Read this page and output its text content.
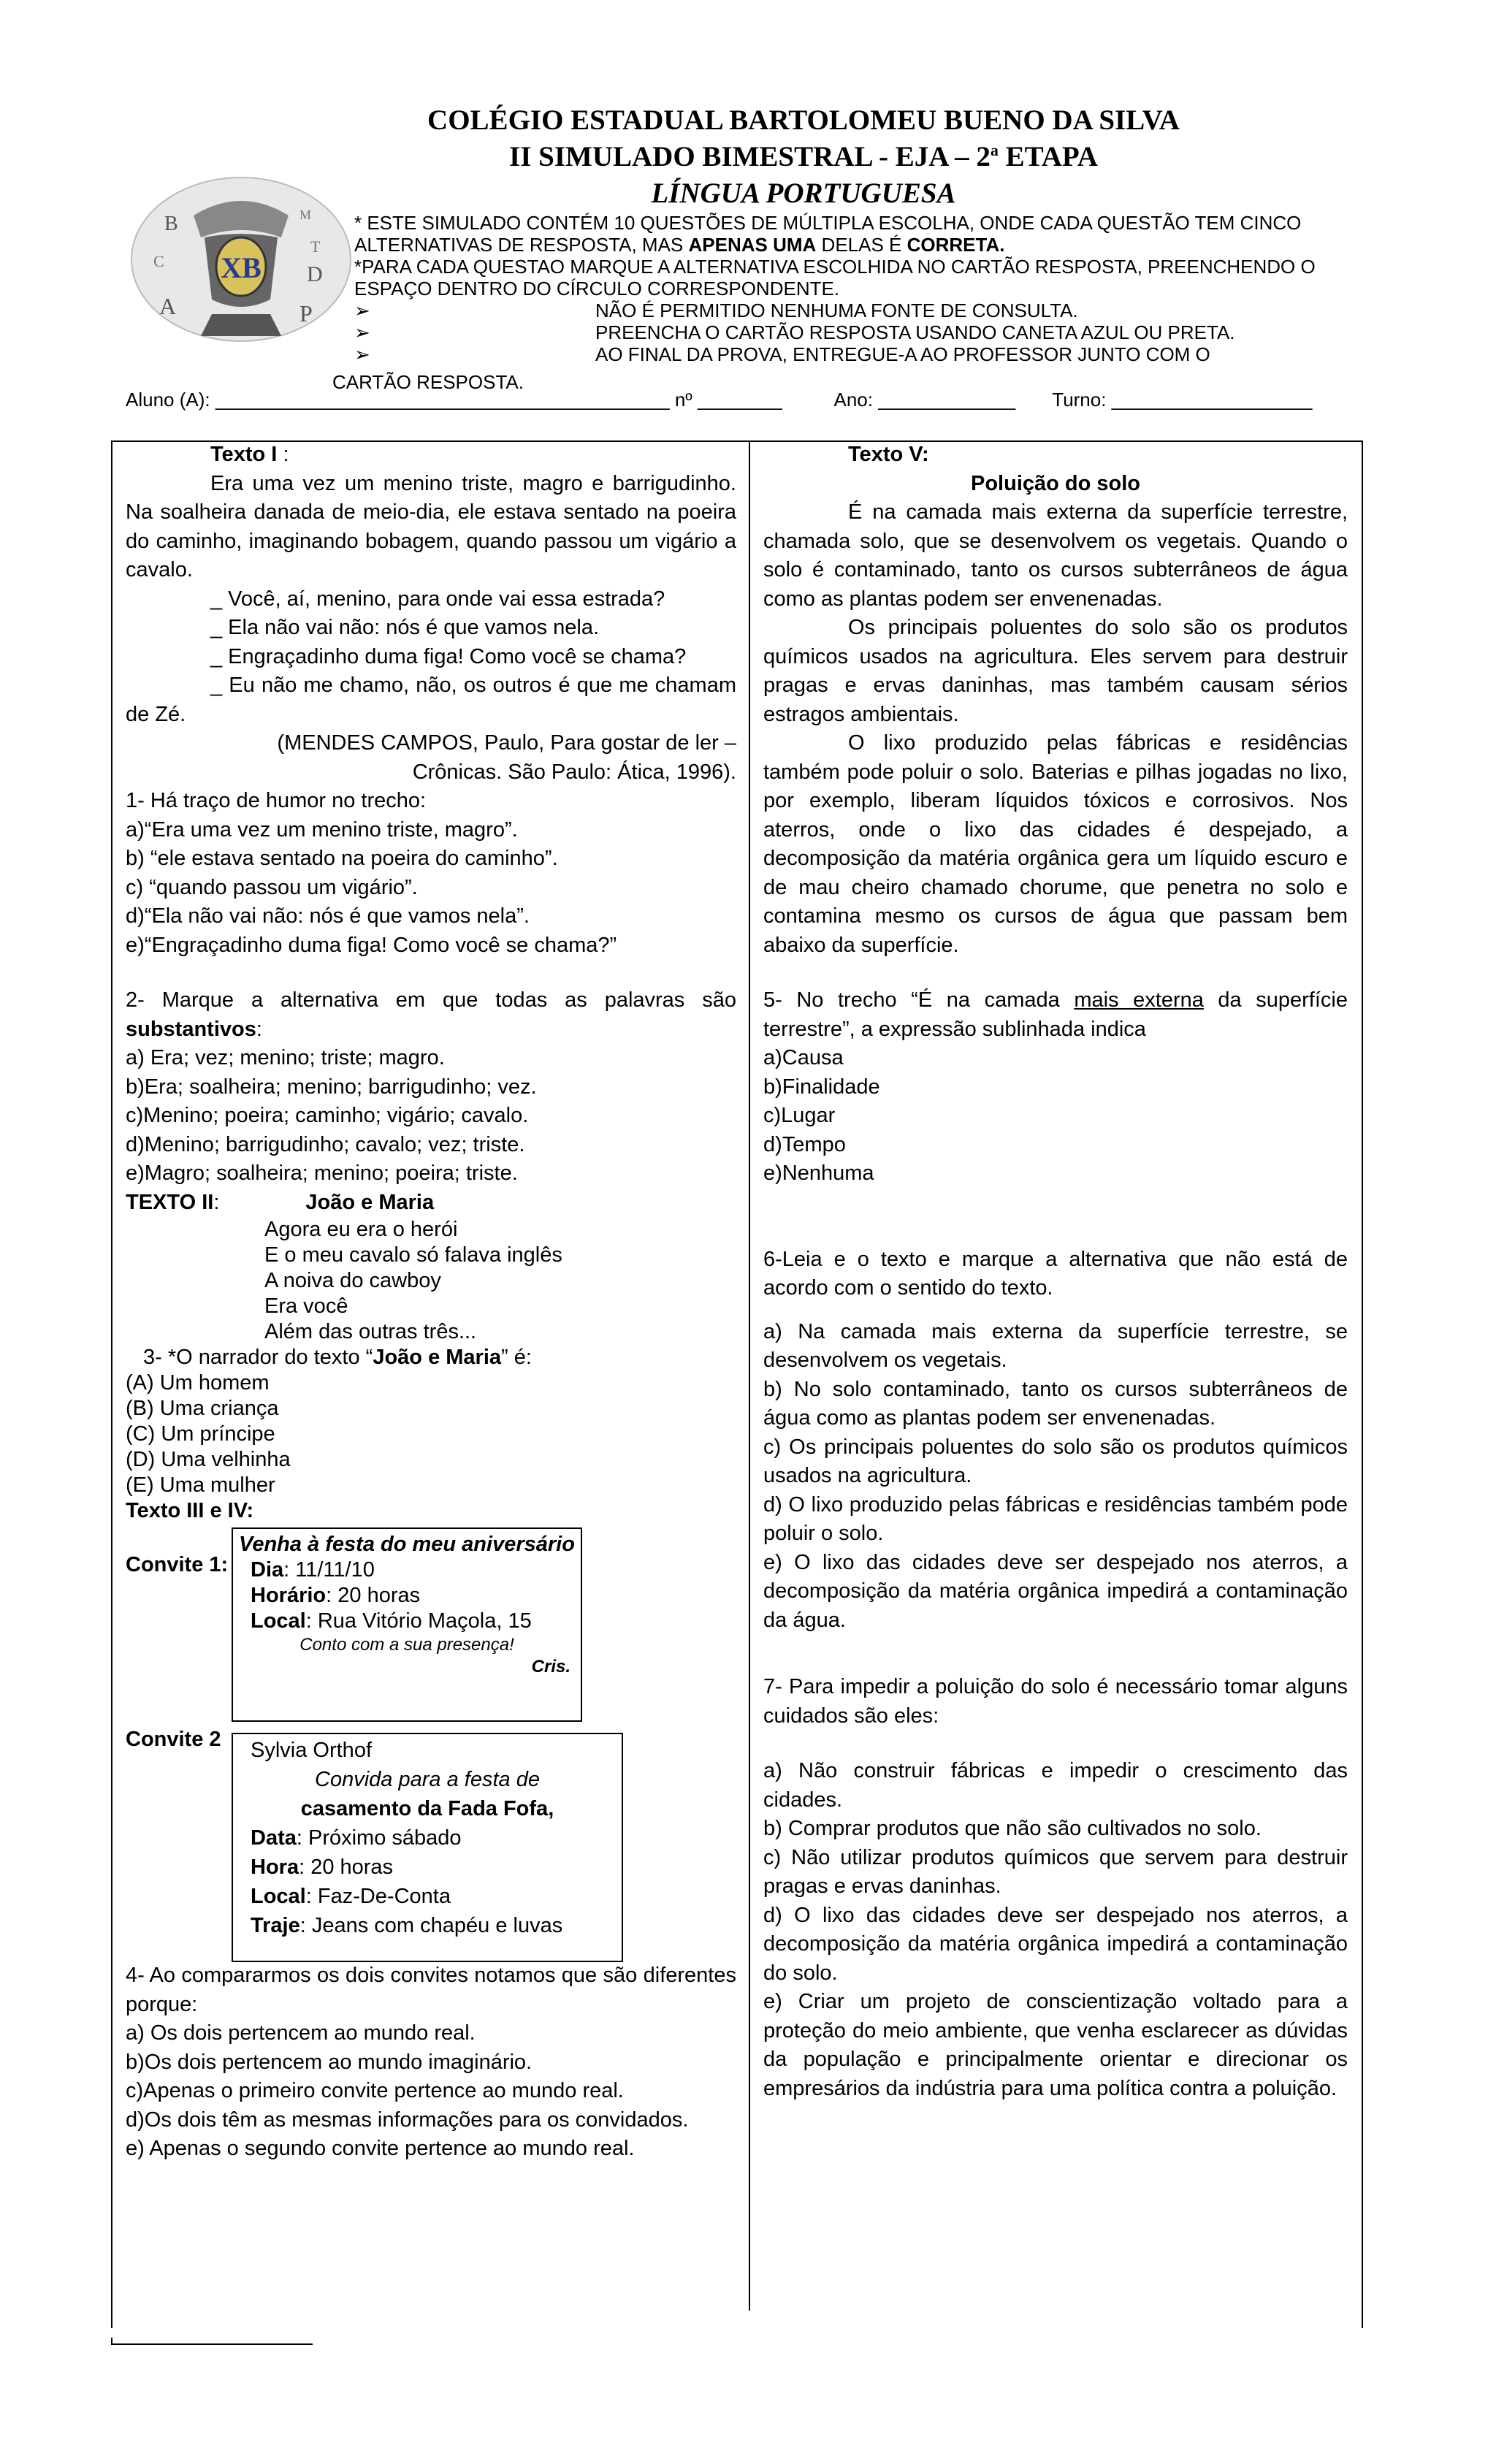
XB
B	M
C
T
D
A	P
COLÉGIO ESTADUAL BARTOLOMEU BUENO DA SILVA
II SIMULADO BIMESTRAL - EJA – 2$^a$ ETAPA
LÍNGUA PORTUGUESA

* ESTE SIMULADO CONTÉM 10 QUESTÕES DE MÚLTIPLA ESCOLHA, ONDE CADA QUESTÃO TEM CINCO ALTERNATIVAS DE RESPOSTA, MAS APENAS UMA DELAS É CORRETA.

*PARA CADA QUESTAO MARQUE A ALTERNATIVA ESCOLHIDA NO CARTÃO RESPOSTA, PREENCHENDO O ESPAÇO DENTRO DO CÍRCULO CORRESPONDENTE.

➢	NÃO É PERMITIDO NENHUMA FONTE DE CONSULTA.

➢	PREENCHA O CARTÃO RESPOSTA USANDO CANETA AZUL OU PRETA.

➢	AO FINAL DA PROVA, ENTREGUE-A AO PROFESSOR JUNTO COM O

CARTÃO RESPOSTA.
Aluno (A): ___________________________________________ nº ________          Ano: _____________       Turno: ___________________

Texto I :

Era uma vez um menino triste, magro e barrigudinho. Na soalheira danada de meio-dia, ele estava sentado na poeira do caminho, imaginando bobagem, quando passou um vigário a cavalo.

_ Você, aí, menino, para onde vai essa estrada?

_ Ela não vai não: nós é que vamos nela.

_ Engraçadinho duma figa! Como você se chama?

_ Eu não me chamo, não, os outros é que me chamam de Zé.

(MENDES CAMPOS, Paulo, Para gostar de ler –

Crônicas. São Paulo: Ática, 1996).

1- Há traço de humor no trecho:

a)“Era uma vez um menino triste, magro”.

b) “ele estava sentado na poeira do caminho”.

c) “quando passou um vigário”.

d)“Ela não vai não: nós é que vamos nela”.

e)“Engraçadinho duma figa! Como você se chama?”

2- Marque a alternativa em que todas as palavras são substantivos:

a) Era; vez; menino; triste; magro.

b)Era; soalheira; menino; barrigudinho; vez.

c)Menino; poeira; caminho; vigário; cavalo.

d)Menino; barrigudinho; cavalo; vez; triste.

e)Magro; soalheira; menino; poeira; triste.

TEXTO II:	João e Maria

Agora eu era o herói

E o meu cavalo só falava inglês

A noiva do cawboy

Era você

Além das outras três...

3- *O narrador do texto “João e Maria” é:

(A) Um homem

(B) Uma criança

(C) Um príncipe

(D) Uma velhinha

(E) Uma mulher

Texto III e IV:

Convite 1:

Venha à festa do meu aniversário

Dia: 11/11/10

Horário: 20 horas

Local: Rua Vitório Maçola, 15

Conto com a sua presença!

Cris.

Convite 2 Sylvia Orthof

Convida para a festa de

casamento da Fada Fofa,

Data: Próximo sábado

Hora: 20 horas

Local: Faz-De-Conta

Traje: Jeans com chapéu e luvas

4- Ao compararmos os dois convites notamos que são diferentes porque:

a) Os dois pertencem ao mundo real.

b)Os dois pertencem ao mundo imaginário.

c)Apenas o primeiro convite pertence ao mundo real.

d)Os dois têm as mesmas informações para os convidados.

e) Apenas o segundo convite pertence ao mundo real.

Texto V:

Poluição do solo

É na camada mais externa da superfície terrestre, chamada solo, que se desenvolvem os vegetais. Quando o solo é contaminado, tanto os cursos subterrâneos de água como as plantas podem ser envenenadas.

Os principais poluentes do solo são os produtos químicos usados na agricultura. Eles servem para destruir pragas e ervas daninhas, mas também causam sérios estragos ambientais.

O lixo produzido pelas fábricas e residências também pode poluir o solo. Baterias e pilhas jogadas no lixo, por exemplo, liberam líquidos tóxicos e corrosivos. Nos aterros, onde o lixo das cidades é despejado, a decomposição da matéria orgânica gera um líquido escuro e de mau cheiro chamado chorume, que penetra no solo e contamina mesmo os cursos de água que passam bem abaixo da superfície.

5- No trecho “É na camada mais externa da superfície terrestre”, a expressão sublinhada indica

a)Causa

b)Finalidade

c)Lugar

d)Tempo

e)Nenhuma

6-Leia e o texto e marque a alternativa que não está de acordo com o sentido do texto.

a) Na camada mais externa da superfície terrestre, se desenvolvem os vegetais.

b) No solo contaminado, tanto os cursos subterrâneos de água como as plantas podem ser envenenadas.

c) Os principais poluentes do solo são os produtos químicos usados na agricultura.

d) O lixo produzido pelas fábricas e residências também pode poluir o solo.

e) O lixo das cidades deve ser despejado nos aterros, a decomposição da matéria orgânica impedirá a contaminação da água.

7- Para impedir a poluição do solo é necessário tomar alguns cuidados são eles:

a) Não construir fábricas e impedir o crescimento das cidades.

b) Comprar produtos que não são cultivados no solo.

c) Não utilizar produtos químicos que servem para destruir pragas e ervas daninhas.

d) O lixo das cidades deve ser despejado nos aterros, a decomposição da matéria orgânica impedirá a contaminação do solo.

e) Criar um projeto de conscientização voltado para a proteção do meio ambiente, que venha esclarecer as dúvidas da população e principalmente orientar e direcionar os empresários da indústria para uma política contra a poluição.
